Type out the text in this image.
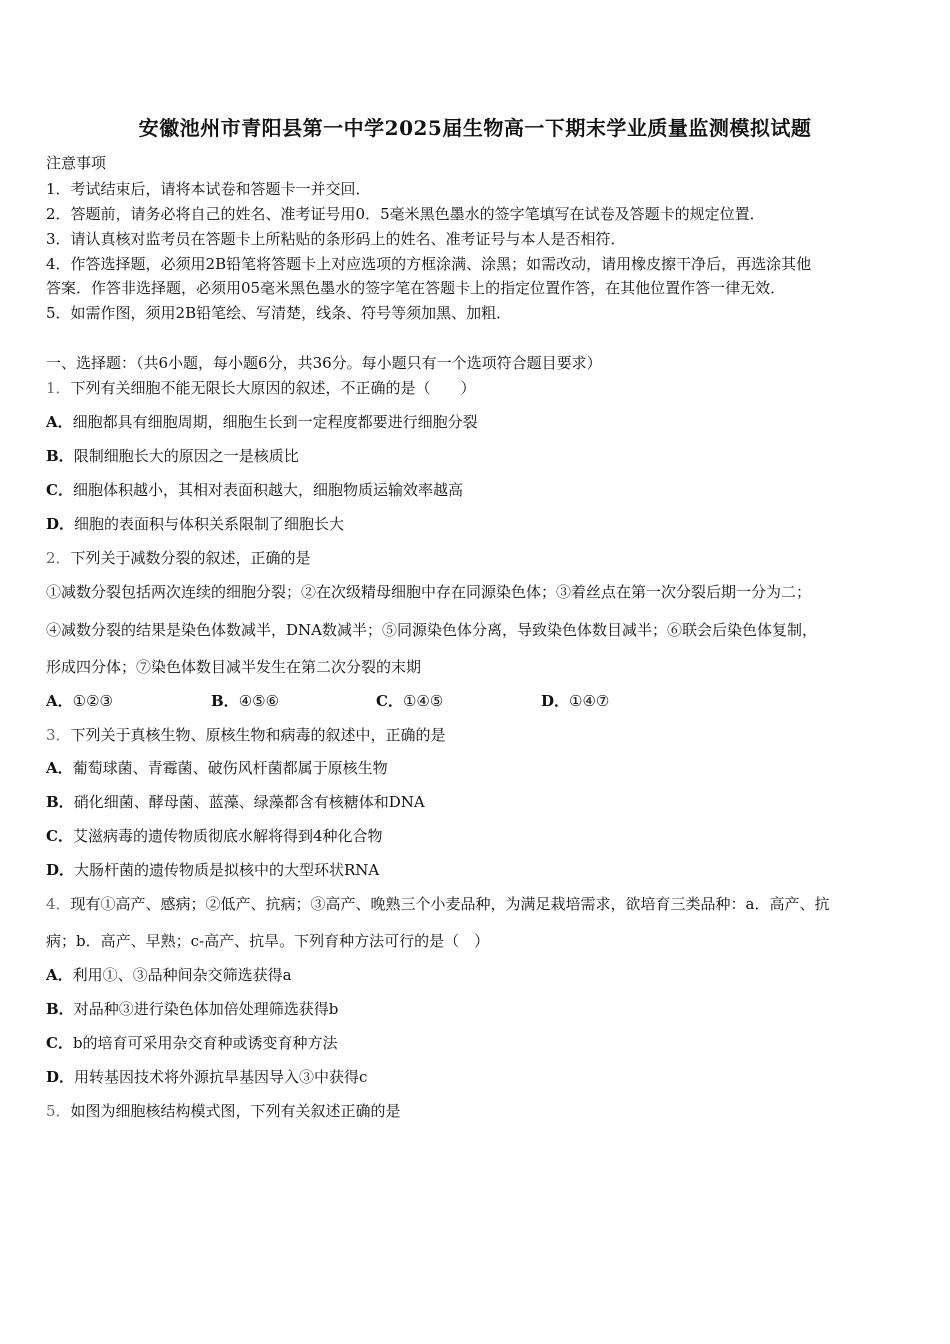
安徽池州市青阳县第一中学2025届生物高一下期末学业质量监测模拟试题
注意事项
1．考试结束后，请将本试卷和答题卡一并交回．
2．答题前，请务必将自己的姓名、准考证号用0．5毫米黑色墨水的签字笔填写在试卷及答题卡的规定位置．
3．请认真核对监考员在答题卡上所粘贴的条形码上的姓名、准考证号与本人是否相符．
4．作答选择题，必须用2B铅笔将答题卡上对应选项的方框涂满、涂黑；如需改动，请用橡皮擦干净后，再选涂其他
答案．作答非选择题，必须用05毫米黑色墨水的签字笔在答题卡上的指定位置作答，在其他位置作答一律无效．
5．如需作图，须用2B铅笔绘、写清楚，线条、符号等须加黑、加粗．
一、选择题：（共6小题，每小题6分，共36分。每小题只有一个选项符合题目要求）
1．下列有关细胞不能无限长大原因的叙述，不正确的是（　　）
A．细胞都具有细胞周期，细胞生长到一定程度都要进行细胞分裂
B．限制细胞长大的原因之一是核质比
C．细胞体积越小，其相对表面积越大，细胞物质运输效率越高
D．细胞的表面积与体积关系限制了细胞长大
2．下列关于减数分裂的叙述，正确的是
①减数分裂包括两次连续的细胞分裂；②在次级精母细胞中存在同源染色体；③着丝点在第一次分裂后期一分为二；
④减数分裂的结果是染色体数减半，DNA数减半；⑤同源染色体分离，导致染色体数目减半；⑥联会后染色体复制，
形成四分体；⑦染色体数目减半发生在第二次分裂的末期
A．①②③	B．④⑤⑥	C．①④⑤	D．①④⑦
3．下列关于真核生物、原核生物和病毒的叙述中，正确的是
A．葡萄球菌、青霉菌、破伤风杆菌都属于原核生物
B．硝化细菌、酵母菌、蓝藻、绿藻都含有核糖体和DNA
C．艾滋病毒的遗传物质彻底水解将得到4种化合物
D．大肠杆菌的遗传物质是拟核中的大型环状RNA
4．现有①高产、感病；②低产、抗病；③高产、晚熟三个小麦品种，为满足栽培需求，欲培育三类品种：a．高产、抗
病；b．高产、早熟；c-高产、抗旱。下列育种方法可行的是（　）
A．利用①、③品种间杂交筛选获得a
B．对品种③进行染色体加倍处理筛选获得b
C．b的培育可采用杂交育种或诱变育种方法
D．用转基因技术将外源抗旱基因导入③中获得c
5．如图为细胞核结构模式图，下列有关叙述正确的是
